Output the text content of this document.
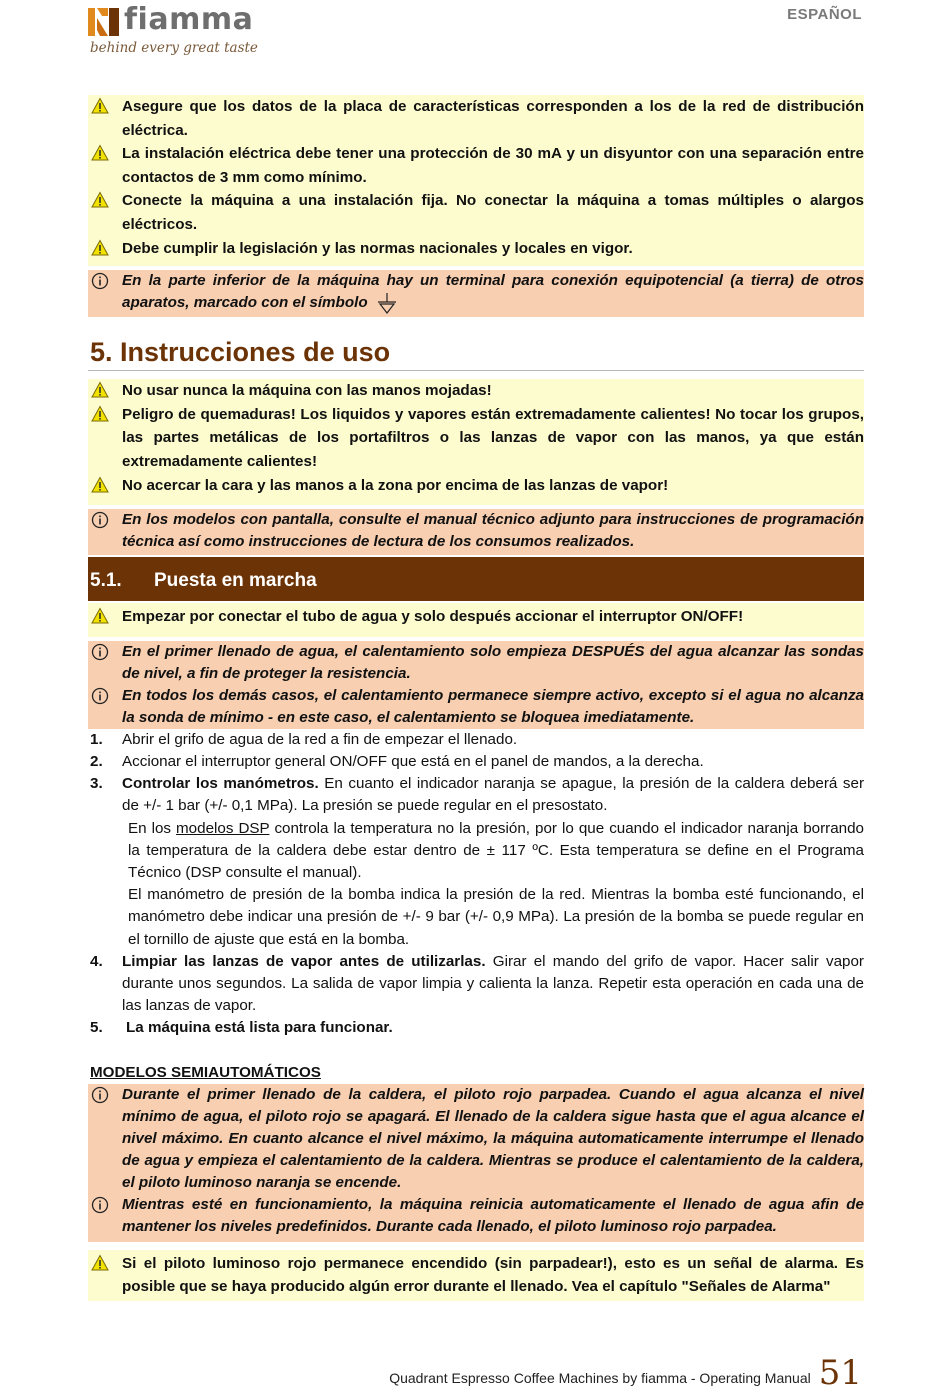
fiamma
behind every great taste
ESPAÑOL
Asegure que los datos de la placa de características corresponden a los de la red de distribución eléctrica.
La instalación eléctrica debe tener una protección de 30 mA y un disyuntor con una separación entre contactos de 3 mm como mínimo.
Conecte la máquina a una instalación fija. No conectar la máquina a tomas múltiples o alargos eléctricos.
Debe cumplir la legislación y las normas nacionales y locales en vigor.
En la parte inferior de la máquina hay un terminal para conexión equipotencial (a tierra) de otros aparatos, marcado con el símbolo
5. Instrucciones de uso
No usar nunca la máquina con las manos mojadas!
Peligro de quemaduras! Los liquidos y vapores están extremadamente calientes! No tocar los grupos, las partes metálicas de los portafiltros o las lanzas de vapor con las manos, ya que están extremadamente calientes!
No acercar la cara y las manos a la zona por encima de las lanzas de vapor!
En los modelos con pantalla, consulte el manual técnico adjunto para instrucciones de programación técnica así como instrucciones de lectura de los consumos realizados.
5.1. Puesta en marcha
Empezar por conectar el tubo de agua y solo después accionar el interruptor ON/OFF!
En el primer llenado de agua, el calentamiento solo empieza DESPUÉS del agua alcanzar las sondas de nivel, a fin de proteger la resistencia.
En todos los demás casos, el calentamiento permanece siempre activo, excepto si el agua no alcanza la sonda de mínimo - en este caso, el calentamiento se bloquea imediatamente.
1. Abrir el grifo de agua de la red a fin de empezar el llenado.
2. Accionar el interruptor general ON/OFF que está en el panel de mandos, a la derecha.
3. Controlar los manómetros. En cuanto el indicador naranja se apague, la presión de la caldera deberá ser de +/- 1 bar (+/- 0,1 MPa). La presión se puede regular en el presostato.
En los modelos DSP controla la temperatura no la presión, por lo que cuando el indicador naranja borrando la temperatura de la caldera debe estar dentro de ± 117 ºC. Esta temperatura se define en el Programa Técnico (DSP consulte el manual).
El manómetro de presión de la bomba indica la presión de la red. Mientras la bomba esté funcionando, el manómetro debe indicar una presión de +/- 9 bar (+/- 0,9 MPa). La presión de la bomba se puede regular en el tornillo de ajuste que está en la bomba.
4. Limpiar las lanzas de vapor antes de utilizarlas. Girar el mando del grifo de vapor. Hacer salir vapor durante unos segundos. La salida de vapor limpia y calienta la lanza. Repetir esta operación en cada una de las lanzas de vapor.
5. La máquina está lista para funcionar.
MODELOS SEMIAUTOMÁTICOS
Durante el primer llenado de la caldera, el piloto rojo parpadea. Cuando el agua alcanza el nivel mínimo de agua, el piloto rojo se apagará. El llenado de la caldera sigue hasta que el agua alcance el nivel máximo. En cuanto alcance el nivel máximo, la máquina automaticamente interrumpe el llenado de agua y empieza el calentamiento de la caldera. Mientras se produce el calentamiento de la caldera, el piloto luminoso naranja se encende.
Mientras esté en funcionamiento, la máquina reinicia automaticamente el llenado de agua afin de mantener los niveles predefinidos. Durante cada llenado, el piloto luminoso rojo parpadea.
Si el piloto luminoso rojo permanece encendido (sin parpadear!), esto es un señal de alarma. Es posible que se haya producido algún error durante el llenado. Vea el capítulo "Señales de Alarma"
Quadrant Espresso Coffee Machines by fiamma - Operating Manual 51
